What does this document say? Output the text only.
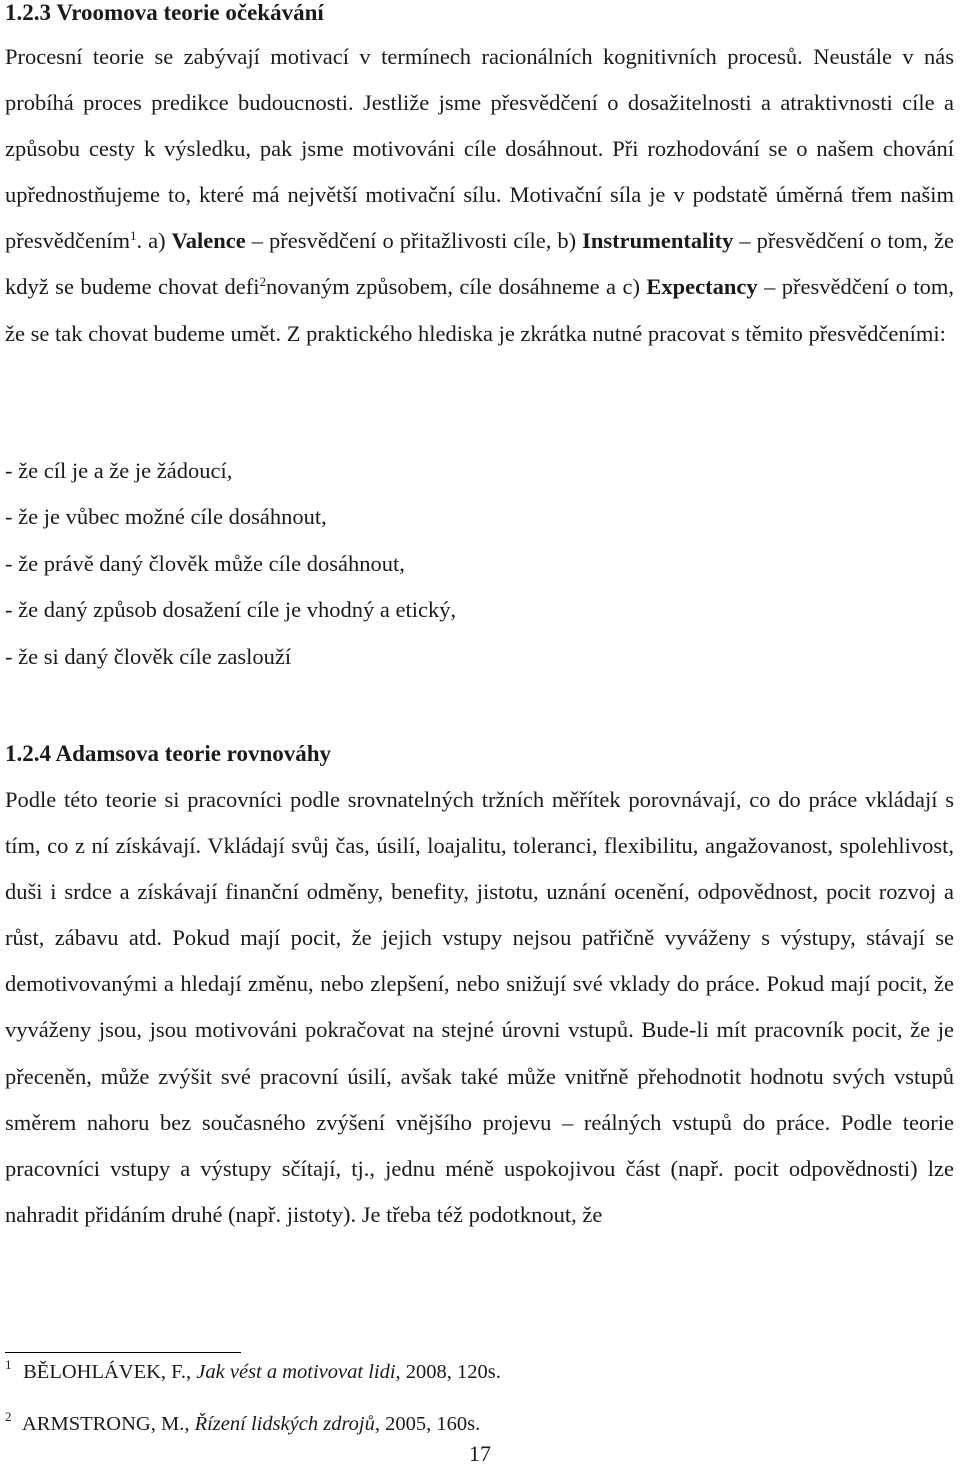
1.2.3 Vroomova teorie očekávání

Procesní teorie se zabývají motivací v termínech racionálních kognitivních procesů. Neustále v nás probíhá proces predikce budoucnosti. Jestliže jsme přesvědčení o dosažitelnosti a atraktivnosti cíle a způsobu cesty k výsledku, pak jsme motivováni cíle dosáhnout. Při rozhodování se o našem chování upřednostňujeme to, které má největší motivační sílu. Motivační síla je v podstatě úměrná třem našim přesvědčením$^1$. a) Valence – přesvědčení o přitažlivosti cíle, b) Instrumentality – přesvědčení o tom, že když se budeme chovat defi$^2$novaným způsobem, cíle dosáhneme a c) Expectancy – přesvědčení o tom, že se tak chovat budeme umět. Z praktického hlediska je zkrátka nutné pracovat s těmito přesvědčeními:

- že cíl je a že je žádoucí,
- že je vůbec možné cíle dosáhnout,
- že právě daný člověk může cíle dosáhnout,
- že daný způsob dosažení cíle je vhodný a etický,
- že si daný člověk cíle zaslouží
1.2.4 Adamsova teorie rovnováhy

Podle této teorie si pracovníci podle srovnatelných tržních měřítek porovnávají, co do práce vkládají s tím, co z ní získávají. Vkládají svůj čas, úsilí, loajalitu, toleranci, flexibilitu, angažovanost, spolehlivost, duši i srdce a získávají finanční odměny, benefity, jistotu, uznání ocenění, odpovědnost, pocit rozvoj a růst, zábavu atd. Pokud mají pocit, že jejich vstupy nejsou patřičně vyváženy s výstupy, stávají se demotivovanými a hledají změnu, nebo zlepšení, nebo snižují své vklady do práce. Pokud mají pocit, že vyváženy jsou, jsou motivováni pokračovat na stejné úrovni vstupů. Bude-li mít pracovník pocit, že je přeceněn, může zvýšit své pracovní úsilí, avšak také může vnitřně přehodnotit hodnotu svých vstupů směrem nahoru bez současného zvýšení vnějšího projevu – reálných vstupů do práce. Podle teorie pracovníci vstupy a výstupy sčítají, tj., jednu méně uspokojivou část (např. pocit odpovědnosti) lze nahradit přidáním druhé (např. jistoty). Je třeba též podotknout, že

1 BĚLOHLÁVEK, F., Jak vést a motivovat lidi, 2008, 120s.

2 ARMSTRONG, M., Řízení lidských zdrojů, 2005, 160s.

17
